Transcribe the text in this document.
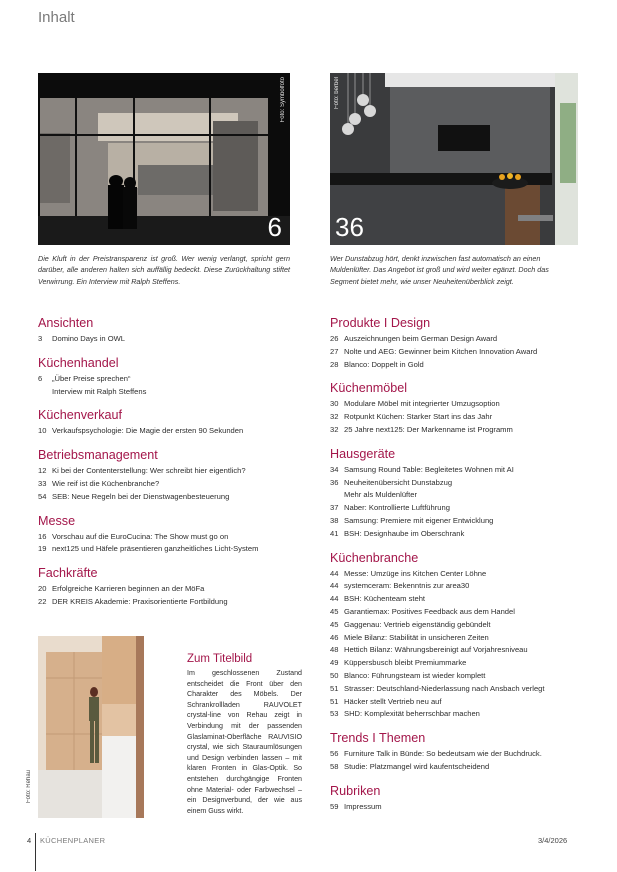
Inhalt
6
Foto: Symbolfoto
36
Foto: berbel
Die Kluft in der Preistransparenz ist groß. Wer wenig verlangt, spricht gern darüber, alle anderen halten sich auffällig bedeckt. Diese Zurückhaltung stiftet Verwirrung. Ein Interview mit Ralph Steffens.
Wer Dunstabzug hört, denkt inzwischen fast automatisch an einen Muldenlüfter. Das Angebot ist groß und wird weiter egänzt. Doch das Segment bietet mehr, wie unser Neuheitenüberblick zeigt.
Ansichten
3	Domino Days in OWL
Küchenhandel
6	„Über Preise sprechen“
Interview mit Ralph Steffens
Küchenverkauf
10 Verkaufspsychologie: Die Magie der ersten 90 Sekunden
Betriebsmanagement
12 Ki bei der Contenterstellung: Wer schreibt hier eigentlich?
33 Wie reif ist die Küchenbranche?
54 SEB: Neue Regeln bei der Dienstwagenbesteuerung
Messe
16 Vorschau auf die EuroCucina: The Show must go on
19 next125 und Häfele präsentieren ganzheitliches Licht-System
Fachkräfte
20 Erfolgreiche Karrieren beginnen an der MöFa
22 DER KREIS Akademie: Praxisorientierte Fortbildung
Produkte I Design
26 Auszeichnungen beim German Design Award
27 Nolte und AEG: Gewinner beim Kitchen Innovation Award
28 Blanco: Doppelt in Gold
Küchenmöbel
30 Modulare Möbel mit integrierter Umzugsoption
32 Rotpunkt Küchen: Starker Start ins das Jahr
32 25 Jahre next125: Der Markenname ist Programm
Hausgeräte
34 Samsung Round Table: Begleitetes Wohnen mit AI
36 Neuheitenübersicht Dunstabzug
Mehr als Muldenlüfter
37 Naber: Kontrollierte Luftführung
38 Samsung: Premiere mit eigener Entwicklung
41 BSH: Designhaube im Oberschrank
Küchenbranche
44 Messe: Umzüge ins Kitchen Center Löhne
44 systemceram: Bekenntnis zur area30
44 BSH: Küchenteam steht
45 Garantiemax: Positives Feedback aus dem Handel
45 Gaggenau: Vertrieb eigenständig gebündelt
46 Miele Bilanz: Stabilität in unsicheren Zeiten
48 Hettich Bilanz: Währungsbereinigt auf Vorjahresniveau
49 Küppersbusch bleibt Premiummarke
50 Blanco: Führungsteam ist wieder komplett
51 Strasser: Deutschland-Niederlassung nach Ansbach verlegt
51 Häcker stellt Vertrieb neu auf
53 SHD: Komplexität beherrschbar machen
Trends I Themen
56 Furniture Talk in Bünde: So bedeutsam wie der Buchdruck.
58 Studie: Platzmangel wird kaufentscheidend
Rubriken
59 Impressum
Foto: Rehau
Zum Titelbild
Im geschlossenen Zustand entscheidet die Front über den Charakter des Möbels. Der Schrankrollladen RAUVOLET crystal-line von Rehau zeigt in Verbindung mit der passenden Glaslaminat-Oberfläche RAUVISIO crystal, wie sich Stauraumlösungen und Design verbinden lassen – mit klaren Fronten in Glas-Optik. So entstehen durchgängige Fronten ohne Material- oder Farbwechsel – ein Designverbund, der wie aus einem Guss wirkt.
4 KÜCHENPLANER	3/4/2026
